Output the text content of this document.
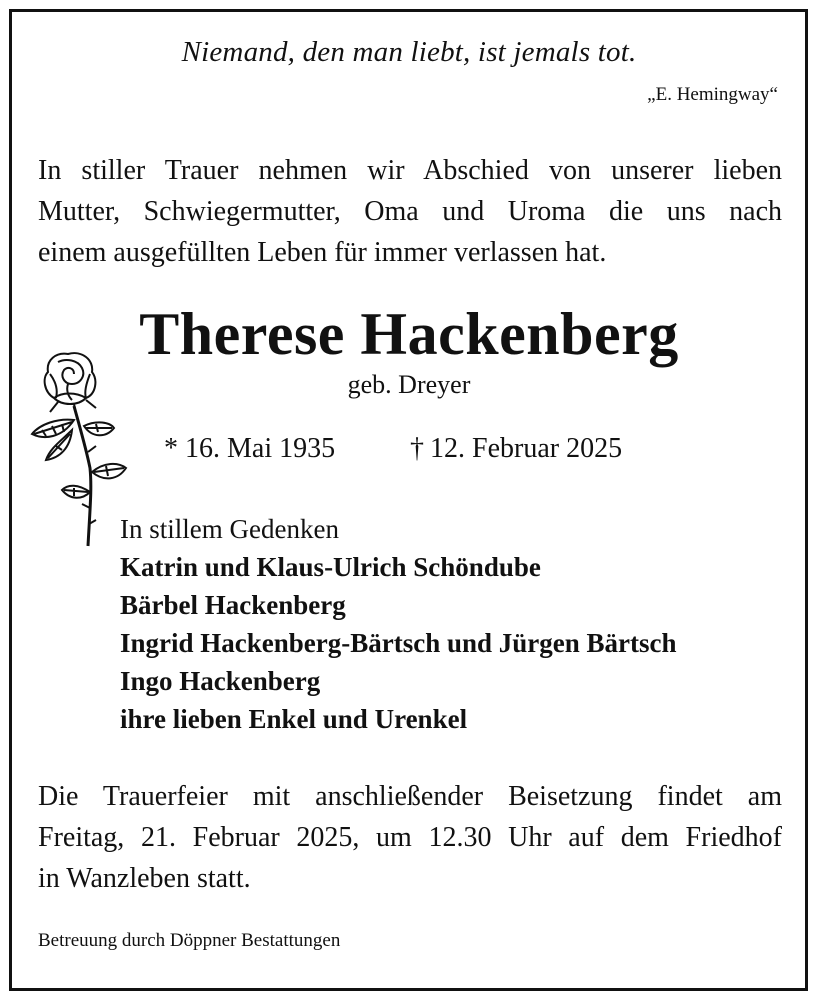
Niemand, den man liebt, ist jemals tot.
„E. Hemingway“
In stiller Trauer nehmen wir Abschied von unserer lieben
Mutter, Schwiegermutter, Oma und Uroma die uns nach
einem ausgefüllten Leben für immer verlassen hat.
Therese Hackenberg
geb. Dreyer
* 16. Mai 1935	† 12. Februar 2025
In stillem Gedenken
Katrin und Klaus-Ulrich Schöndube
Bärbel Hackenberg
Ingrid Hackenberg-Bärtsch und Jürgen Bärtsch
Ingo Hackenberg
ihre lieben Enkel und Urenkel
Die Trauerfeier mit anschließender Beisetzung findet am
Freitag, 21. Februar 2025, um 12.30 Uhr auf dem Friedhof
in Wanzleben statt.
Betreuung durch Döppner Bestattungen
